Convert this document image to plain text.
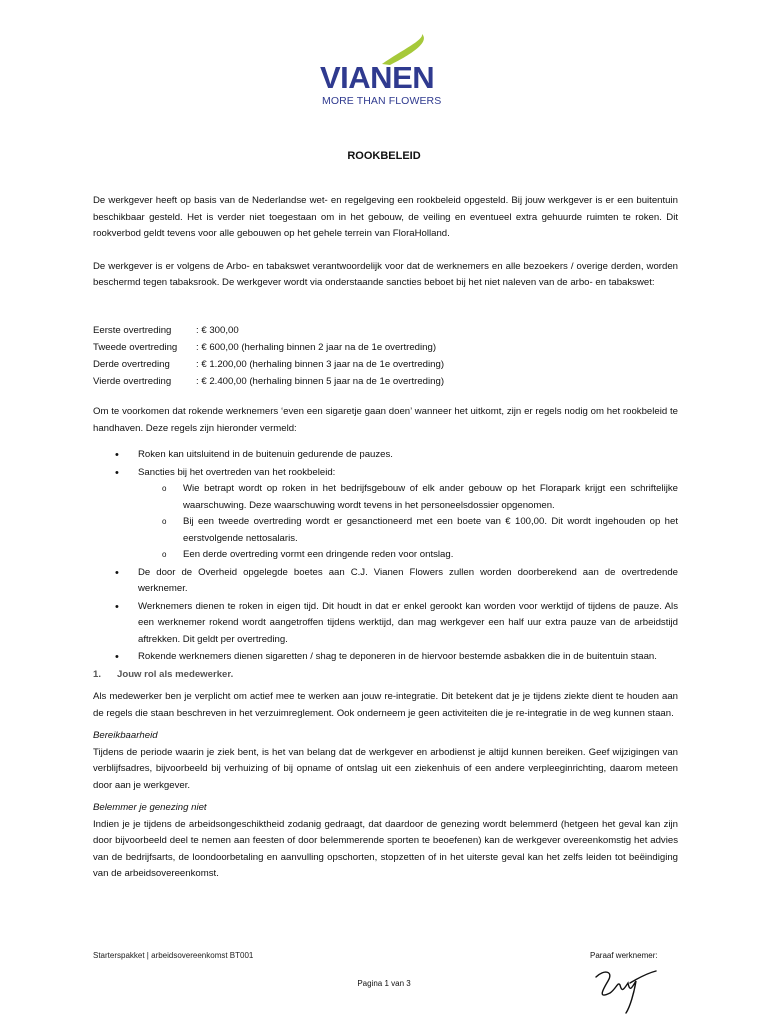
VIANEN
MORE THAN FLOWERS
ROOKBELEID

De werkgever heeft op basis van de Nederlandse wet- en regelgeving een rookbeleid opgesteld. Bij jouw werkgever is er een buitentuin beschikbaar gesteld. Het is verder niet toegestaan om in het gebouw, de veiling en eventueel extra gehuurde ruimten te roken. Dit rookverbod geldt tevens voor alle gebouwen op het gehele terrein van FloraHolland.

De werkgever is er volgens de Arbo- en tabakswet verantwoordelijk voor dat de werknemers en alle bezoekers / overige derden, worden beschermd tegen tabaksrook. De werkgever wordt via onderstaande sancties beboet bij het niet naleven van de arbo- en tabakswet:

Eerste overtreding	: € 300,00
Tweede overtreding : € 600,00 (herhaling binnen 2 jaar na de 1e overtreding)
Derde overtreding	: € 1.200,00 (herhaling binnen 3 jaar na de 1e overtreding)
Vierde overtreding	: € 2.400,00 (herhaling binnen 5 jaar na de 1e overtreding)

Om te voorkomen dat rokende werknemers ‘even een sigaretje gaan doen’ wanneer het uitkomt, zijn er regels nodig om het rookbeleid te handhaven. Deze regels zijn hieronder vermeld:

• Roken kan uitsluitend in de buitenuin gedurende de pauzes.
• Sancties bij het overtreden van het rookbeleid:
o Wie betrapt wordt op roken in het bedrijfsgebouw of elk ander gebouw op het Florapark krijgt een schriftelijke waarschuwing. Deze waarschuwing wordt tevens in het personeelsdossier opgenomen.
o Bij een tweede overtreding wordt er gesanctioneerd met een boete van € 100,00. Dit wordt ingehouden op het eerstvolgende nettosalaris.
o Een derde overtreding vormt een dringende reden voor ontslag.
• De door de Overheid opgelegde boetes aan C.J. Vianen Flowers zullen worden doorberekend aan de overtredende werknemer.
• Werknemers dienen te roken in eigen tijd. Dit houdt in dat er enkel gerookt kan worden voor werktijd of tijdens de pauze. Als een werknemer rokend wordt aangetroffen tijdens werktijd, dan mag werkgever een half uur extra pauze van de arbeidstijd aftrekken. Dit geldt per overtreding.
• Rokende werknemers dienen sigaretten / shag te deponeren in de hiervoor bestemde asbakken die in de buitentuin staan.
1. Jouw rol als medewerker.

Als medewerker ben je verplicht om actief mee te werken aan jouw re-integratie. Dit betekent dat je je tijdens ziekte dient te houden aan de regels die staan beschreven in het verzuimreglement. Ook onderneem je geen activiteiten die je re-integratie in de weg kunnen staan.

Bereikbaarheid

Tijdens de periode waarin je ziek bent, is het van belang dat de werkgever en arbodienst je altijd kunnen bereiken. Geef wijzigingen van verblijfsadres, bijvoorbeeld bij verhuizing of bij opname of ontslag uit een ziekenhuis of een andere verpleeginrichting, daarom meteen door aan je werkgever.

Belemmer je genezing niet

Indien je je tijdens de arbeidsongeschiktheid zodanig gedraagt, dat daardoor de genezing wordt belemmerd (hetgeen het geval kan zijn door bijvoorbeeld deel te nemen aan feesten of door belemmerende sporten te beoefenen) kan de werkgever overeenkomstig het advies van de bedrijfsarts, de loondoorbetaling en aanvulling opschorten, stopzetten of in het uiterste geval kan het zelfs leiden tot beëindiging van de arbeidsovereenkomst.

Starterspakket | arbeidsovereenkomst BT001	Paraaf werknemer:
Pagina 1 van 3
